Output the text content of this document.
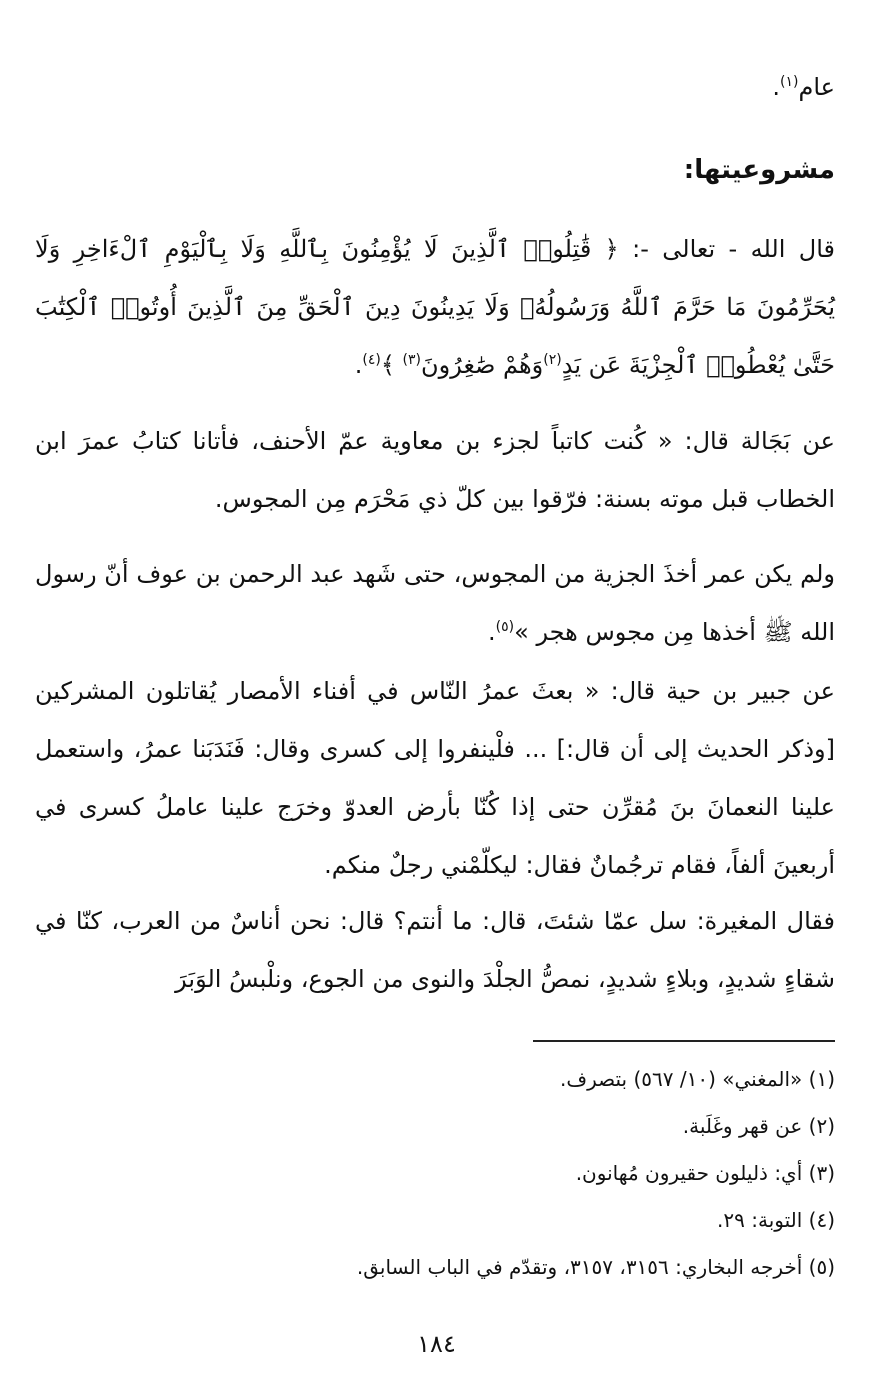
عام$^{(١)}$.
مشروعيتها:
قال الله - تعالى -: ﴿ قَٰتِلُوا۟ ٱلَّذِينَ لَا يُؤْمِنُونَ بِٱللَّهِ وَلَا بِٱلْيَوْمِ ٱلْءَاخِرِ وَلَا يُحَرِّمُونَ مَا حَرَّمَ ٱللَّهُ وَرَسُولُهُۥ وَلَا يَدِينُونَ دِينَ ٱلْحَقِّ مِنَ ٱلَّذِينَ أُوتُوا۟ ٱلْكِتَٰبَ حَتَّىٰ يُعْطُوا۟ ٱلْجِزْيَةَ عَن يَدٍ$^{(٢)}$وَهُمْ صَٰغِرُونَ$^{(٣)}$ ﴾$^{(٤)}$.
عن بَجَالة قال: « كُنت كاتباً لجزء بن معاوية عمّ الأحنف، فأتانا كتابُ عمرَ ابن الخطاب قبل موته بسنة: فرّقوا بين كلّ ذي مَحْرَم مِن المجوس.
ولم يكن عمر أخذَ الجزية من المجوس، حتى شَهد عبد الرحمن بن عوف أنّ رسول الله ﷺ أخذها مِن مجوس هجر »$^{(٥)}$.
عن جبير بن حية قال: « بعثَ عمرُ النّاس في أفناء الأمصار يُقاتلون المشركين [وذكر الحديث إلى أن قال:] ... فلْينفروا إلى كسرى وقال: فَنَدَبَنا عمرُ، واستعمل علينا النعمانَ بنَ مُقرِّن حتى إذا كُنّا بأرض العدوّ وخرَج علينا عاملُ كسرى في أربعينَ ألفاً، فقام ترجُمانٌ فقال: ليكلّمْني رجلٌ منكم.
فقال المغيرة: سل عمّا شئتَ، قال: ما أنتم؟ قال: نحن أناسٌ من العرب، كنّا في شقاءٍ شديدٍ، وبلاءٍ شديدٍ، نمصُّ الجلْدَ والنوى من الجوع، ونلْبسُ الوَبَرَ
(١) «المغني» (١٠/ ٥٦٧) بتصرف.
(٢) عن قهر وغَلَبة.
(٣) أي: ذليلون حقيرون مُهانون.
(٤) التوبة: ٢٩.
(٥) أخرجه البخاري: ٣١٥٦، ٣١٥٧، وتقدّم في الباب السابق.
١٨٤
